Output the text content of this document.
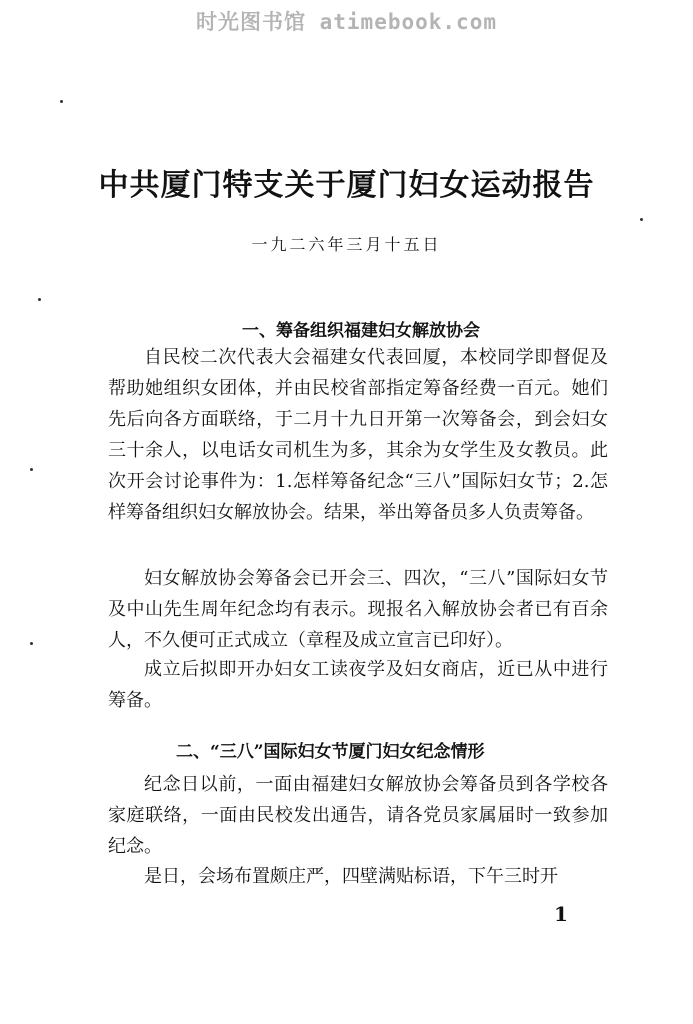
时光图书馆 atimebook.com
中共厦门特支关于厦门妇女运动报告
一九二六年三月十五日
一、筹备组织福建妇女解放协会
自民校二次代表大会福建女代表回厦，本校同学即督促及帮助她组织女团体，并由民校省部指定筹备经费一百元。她们先后向各方面联络，于二月十九日开第一次筹备会，到会妇女三十余人，以电话女司机生为多，其余为女学生及女教员。此次开会讨论事件为：1.怎样筹备纪念“三八”国际妇女节；2.怎样筹备组织妇女解放协会。结果，举出筹备员多人负责筹备。
妇女解放协会筹备会已开会三、四次，“三八”国际妇女节及中山先生周年纪念均有表示。现报名入解放协会者已有百余人，不久便可正式成立（章程及成立宣言已印好）。
成立后拟即开办妇女工读夜学及妇女商店，近已从中进行筹备。
二、“三八”国际妇女节厦门妇女纪念情形
纪念日以前，一面由福建妇女解放协会筹备员到各学校各家庭联络，一面由民校发出通告，请各党员家属届时一致参加纪念。
是日，会场布置颇庄严，四壁满贴标语，下午三时开
1
